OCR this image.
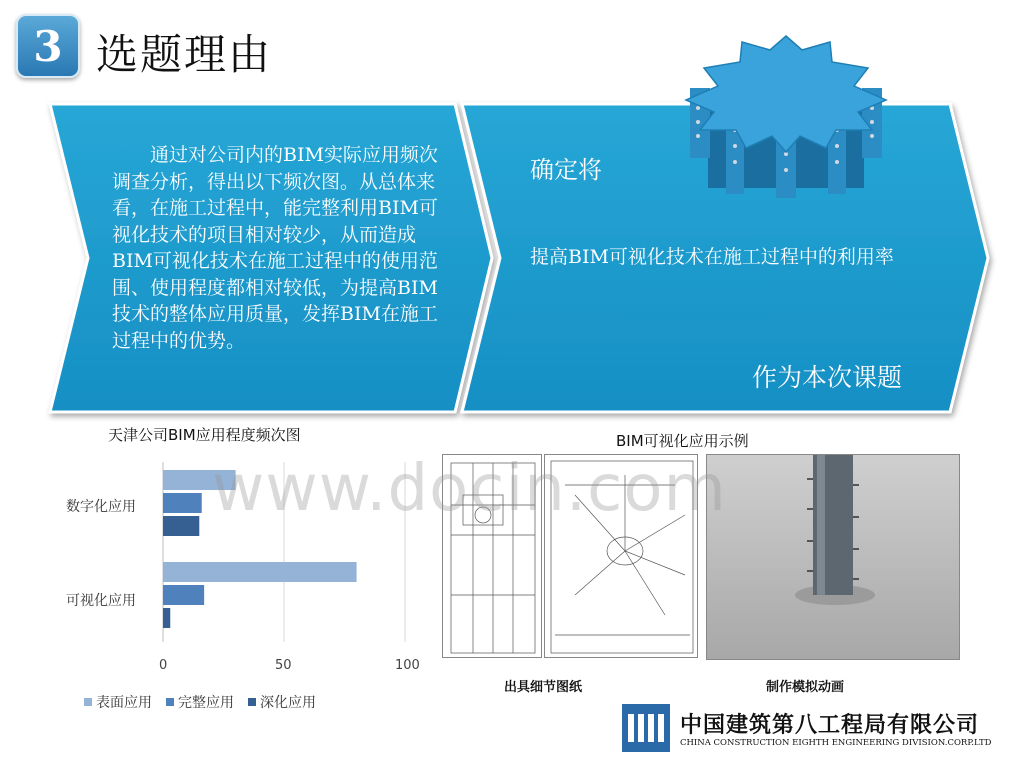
3 选题理由
通过对公司内的BIM实际应用频次调查分析，得出以下频次图。从总体来看，在施工过程中，能完整利用BIM可视化技术的项目相对较少，从而造成BIM可视化技术在施工过程中的使用范围、使用程度都相对较低，为提高BIM技术的整体应用质量，发挥BIM在施工过程中的优势。
确定将
提高BIM可视化技术在施工过程中的利用率
作为本次课题
天津公司BIM应用程度频次图
数字化应用
可视化应用
0	50	100
表面应用 完整应用 深化应用
BIM可视化应用示例
出具细节图纸	制作模拟动画
www.docin.com
中国建筑第八工程局有限公司
CHINA CONSTRUCTION EIGHTH ENGINEERING DIVISION.CORP.LTD
